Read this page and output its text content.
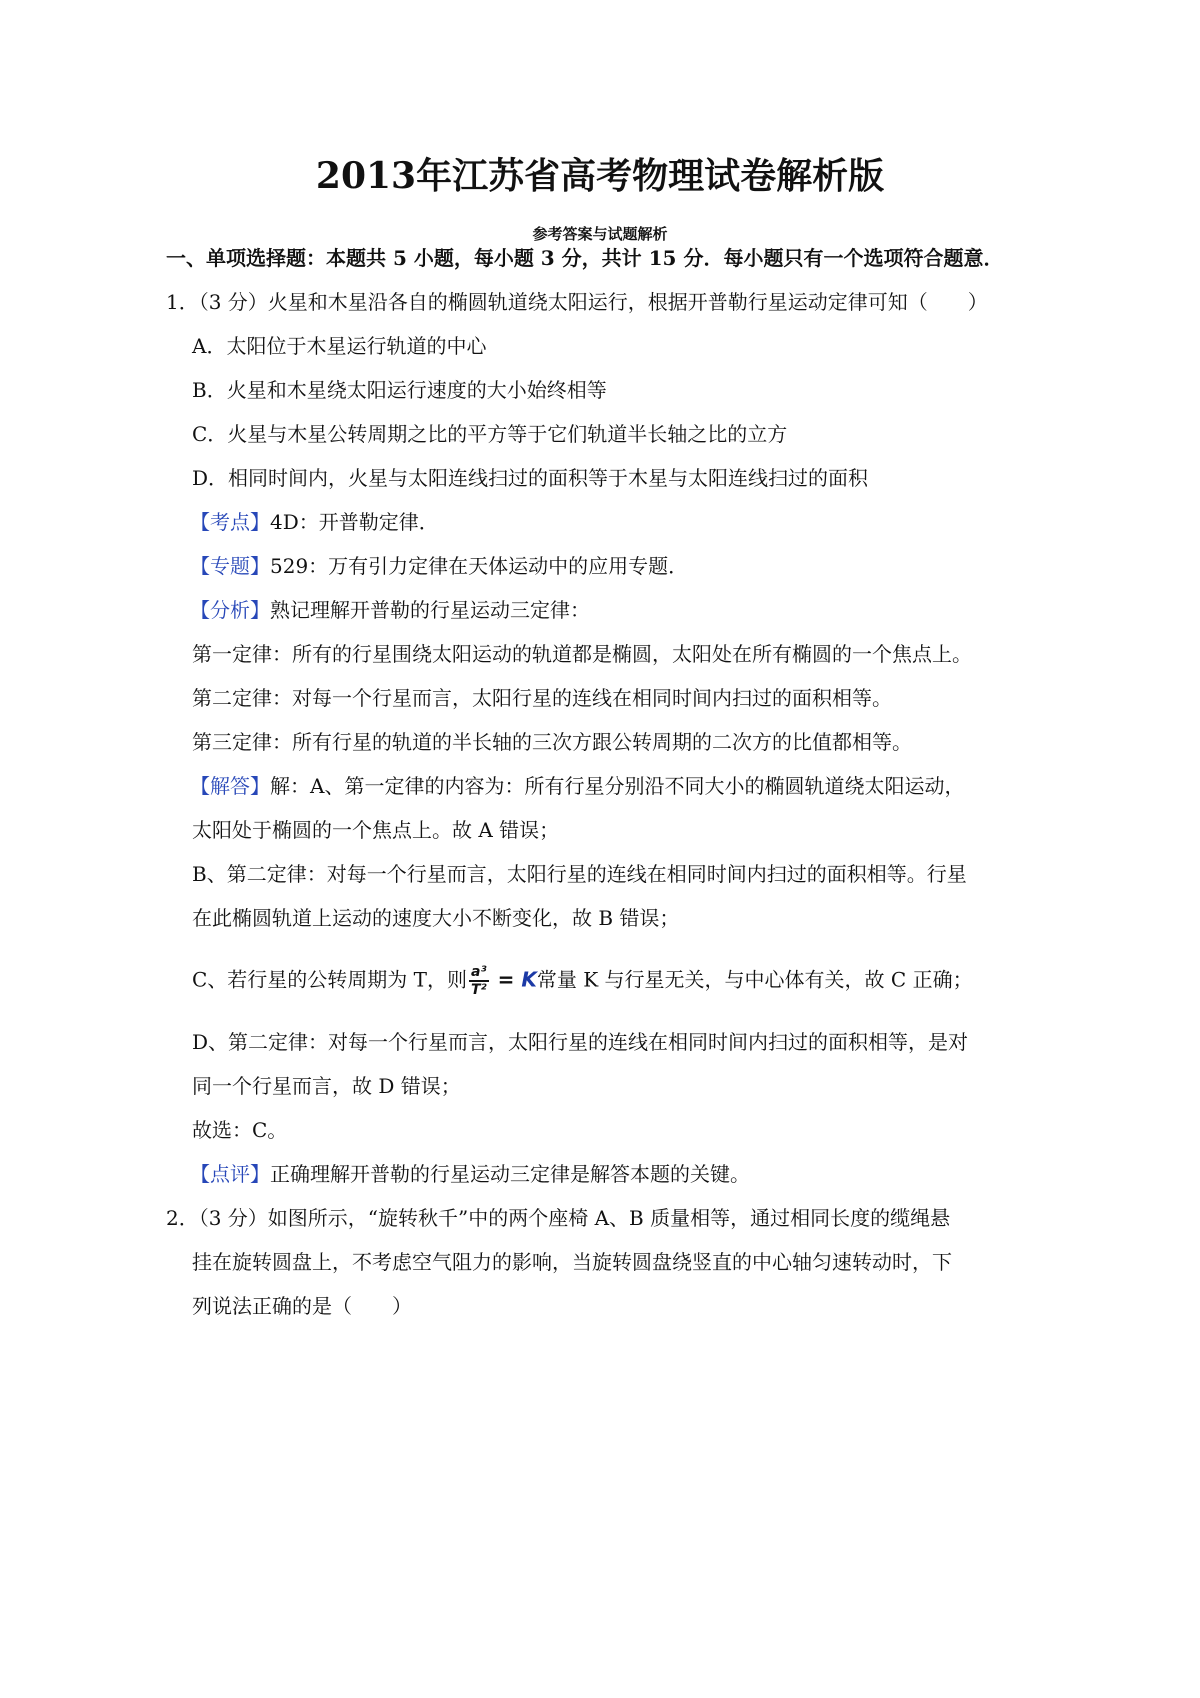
2013年江苏省高考物理试卷解析版
参考答案与试题解析
一、单项选择题：本题共 5 小题，每小题 3 分，共计 15 分．每小题只有一个选项符合题意．
1．（3 分）火星和木星沿各自的椭圆轨道绕太阳运行，根据开普勒行星运动定律可知（　　）
A．太阳位于木星运行轨道的中心
B．火星和木星绕太阳运行速度的大小始终相等
C．火星与木星公转周期之比的平方等于它们轨道半长轴之比的立方
D．相同时间内，火星与太阳连线扫过的面积等于木星与太阳连线扫过的面积
【考点】4D：开普勒定律．
【专题】529：万有引力定律在天体运动中的应用专题．
【分析】熟记理解开普勒的行星运动三定律：
第一定律：所有的行星围绕太阳运动的轨道都是椭圆，太阳处在所有椭圆的一个焦点上。
第二定律：对每一个行星而言，太阳行星的连线在相同时间内扫过的面积相等。
第三定律：所有行星的轨道的半长轴的三次方跟公转周期的二次方的比值都相等。
【解答】解：A、第一定律的内容为：所有行星分别沿不同大小的椭圆轨道绕太阳运动，
太阳处于椭圆的一个焦点上。故 A 错误；
B、第二定律：对每一个行星而言，太阳行星的连线在相同时间内扫过的面积相等。行星
在此椭圆轨道上运动的速度大小不断变化，故 B 错误；
C、若行星的公转周期为 T，则 $\frac{\text{a³}}{\text{T²}} = K$常量 K 与行星无关，与中心体有关，故 C 正确；
D、第二定律：对每一个行星而言，太阳行星的连线在相同时间内扫过的面积相等，是对
同一个行星而言，故 D 错误；
故选：C。
【点评】正确理解开普勒的行星运动三定律是解答本题的关键。
2．（3 分）如图所示，“旋转秋千”中的两个座椅 A、B 质量相等，通过相同长度的缆绳悬
挂在旋转圆盘上，不考虑空气阻力的影响，当旋转圆盘绕竖直的中心轴匀速转动时，下
列说法正确的是（　　）
